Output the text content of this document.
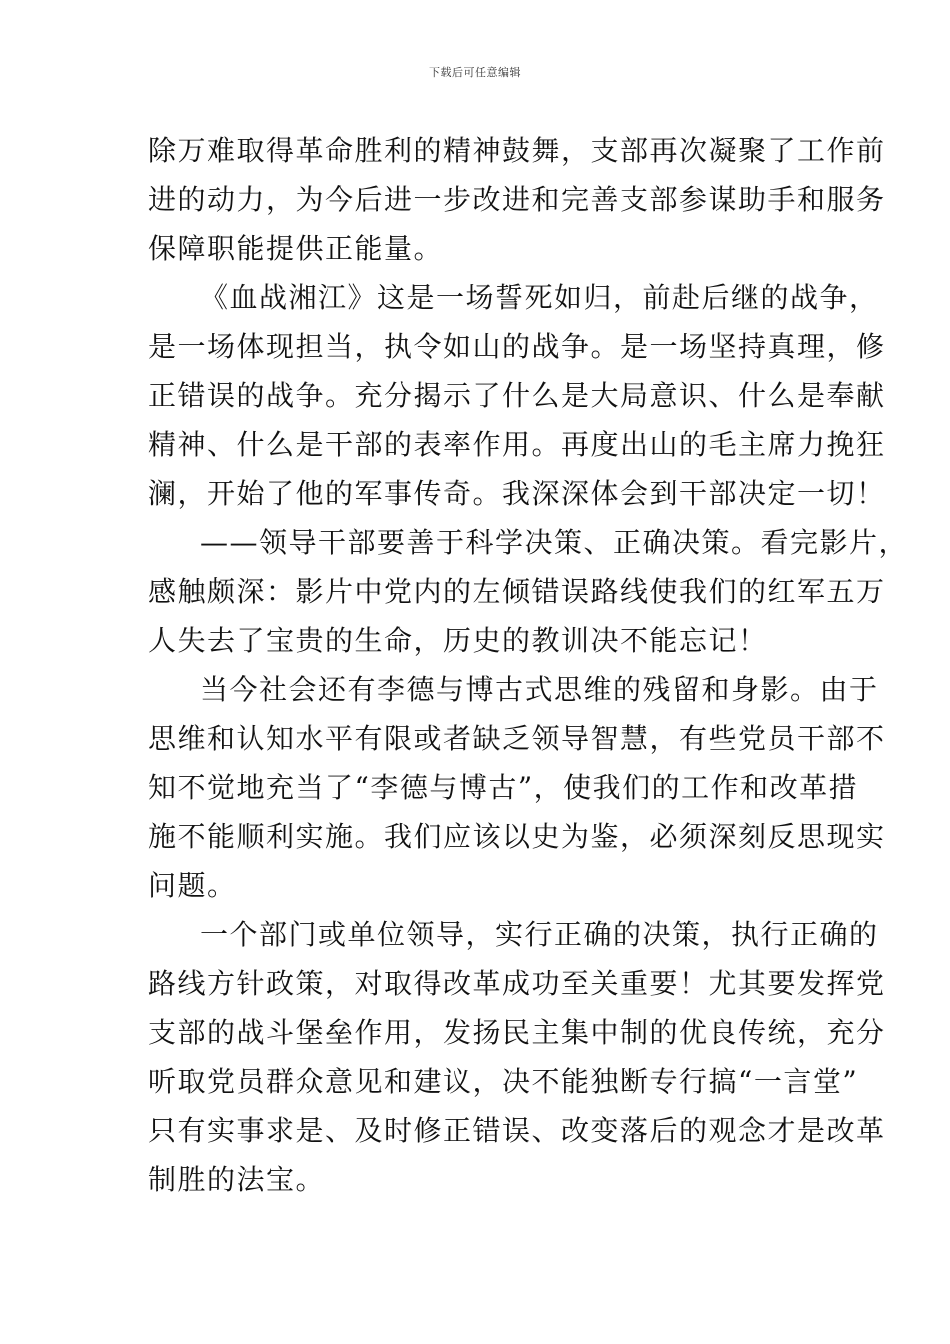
下载后可任意编辑
除万难取得革命胜利的精神鼓舞，支部再次凝聚了工作前
进的动力，为今后进一步改进和完善支部参谋助手和服务
保障职能提供正能量。
《血战湘江》这是一场誓死如归，前赴后继的战争，
是一场体现担当，执令如山的战争。是一场坚持真理，修
正错误的战争。充分揭示了什么是大局意识、什么是奉献
精神、什么是干部的表率作用。再度出山的毛主席力挽狂
澜，开始了他的军事传奇。我深深体会到干部决定一切！
——领导干部要善于科学决策、正确决策。看完影片，
感触颇深：影片中党内的左倾错误路线使我们的红军五万
人失去了宝贵的生命，历史的教训决不能忘记！
当今社会还有李德与博古式思维的残留和身影。由于
思维和认知水平有限或者缺乏领导智慧，有些党员干部不
知不觉地充当了“李德与博古”，使我们的工作和改革措
施不能顺利实施。我们应该以史为鉴，必须深刻反思现实
问题。
一个部门或单位领导，实行正确的决策，执行正确的
路线方针政策，对取得改革成功至关重要！尤其要发挥党
支部的战斗堡垒作用，发扬民主集中制的优良传统，充分
听取党员群众意见和建议，决不能独断专行搞“一言堂”
只有实事求是、及时修正错误、改变落后的观念才是改革
制胜的法宝。
